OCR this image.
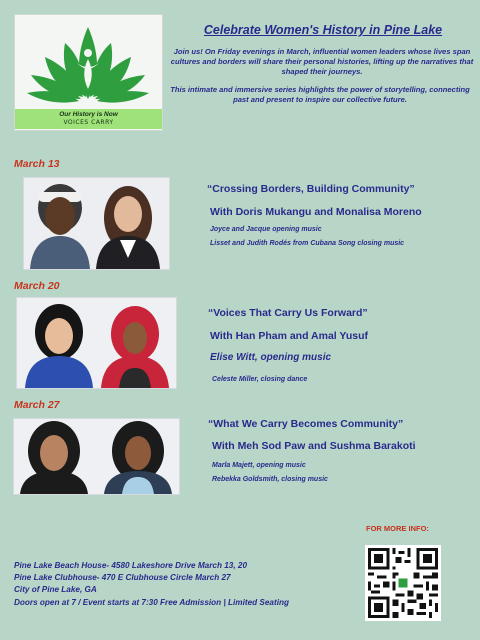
Our History is Now
VOICES CARRY
Celebrate Women's History in Pine Lake
Join us! On Friday evenings in March, influential women leaders whose lives span cultures and borders will share their personal histories, lifting up the narratives that shaped their journeys.
This intimate and immersive series highlights the power of storytelling, connecting past and present to inspire our collective future.
March 13
“Crossing Borders, Building Community”
With Doris Mukangu and Monalisa Moreno
Joyce and Jacque opening music
Lisset and Judith Rodés from Cubana Song closing music
March 20
“Voices That Carry Us Forward”
With Han Pham and Amal Yusuf
Elise Witt, opening music
Celeste Miller, closing dance
March 27
“What We Carry Becomes Community”
With Meh Sod Paw and Sushma Barakoti
Marla Majett, opening music
Rebekka Goldsmith, closing music
FOR MORE INFO:
Pine Lake Beach House- 4580 Lakeshore Drive March 13, 20
Pine Lake Clubhouse- 470 E Clubhouse Circle March 27
City of Pine Lake, GA
Doors open at 7 / Event starts at 7:30 Free Admission | Limited Seating
